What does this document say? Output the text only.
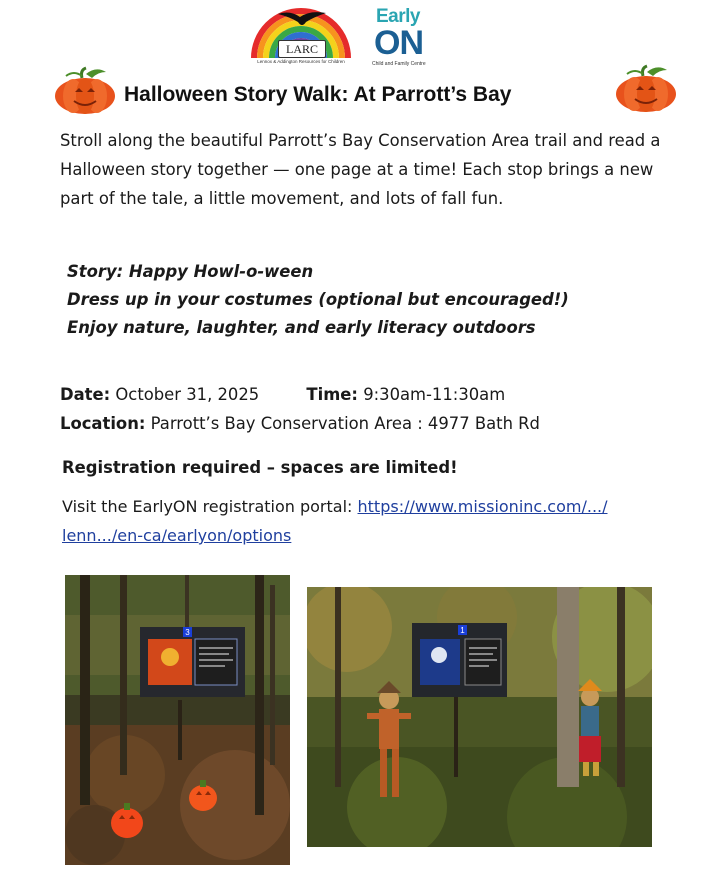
LARC
Lennox & Addington Resources for Children
Early
ON
Child and Family Centre
Halloween Story Walk: At Parrott’s Bay

Stroll along the beautiful Parrott’s Bay Conservation Area trail and read a Halloween story together — one page at a time! Each stop brings a new part of the tale, a little movement, and lots of fall fun.

Story: Happy Howl-o-ween
Dress up in your costumes (optional but encouraged!)
Enjoy nature, laughter, and early literacy outdoors
Date: October 31, 2025	Time: 9:30am-11:30am
Location: Parrott’s Bay Conservation Area : 4977 Bath Rd

Registration required – spaces are limited!

Visit the EarlyON registration portal: https://www.missioninc.com/.../ lenn.../en-ca/earlyon/options

3	1
